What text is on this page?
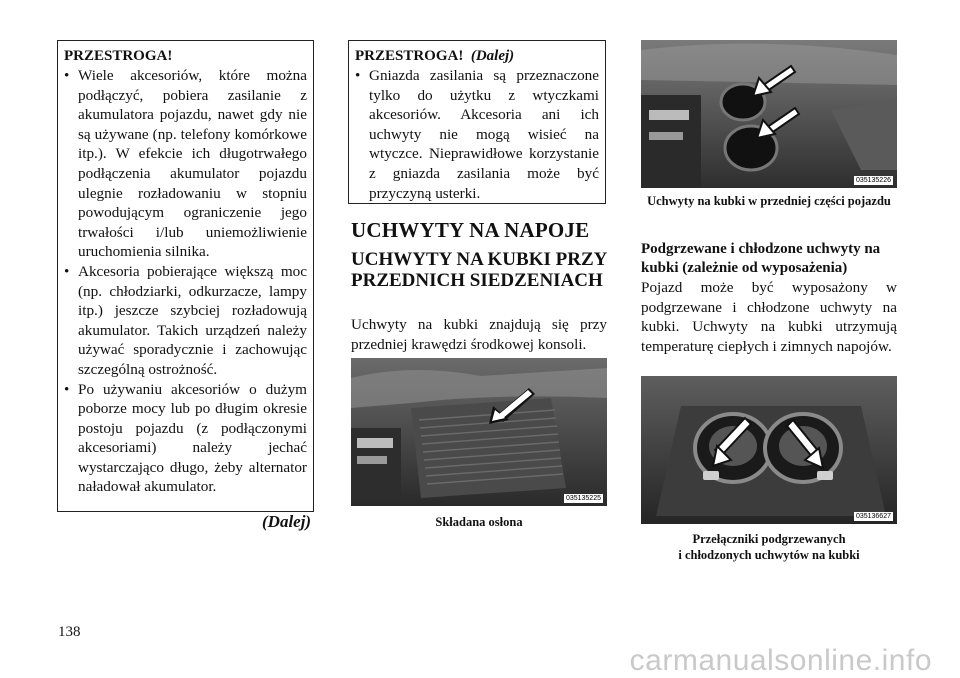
PRZESTROGA!
• Wiele akcesoriów, które można podłączyć, pobiera zasilanie z akumulatora pojazdu, nawet gdy nie są używane (np. telefony komórkowe itp.). W efekcie ich długotrwałego podłączenia akumulator pojazdu ulegnie rozładowaniu w stopniu powodującym ograniczenie jego trwałości i/lub uniemożliwienie uruchomienia silnika.
• Akcesoria pobierające większą moc (np. chłodziarki, odkurzacze, lampy itp.) jeszcze szybciej rozładowują akumulator. Takich urządzeń należy używać sporadycznie i zachowując szczególną ostrożność.
• Po używaniu akcesoriów o dużym poborze mocy lub po długim okresie postoju pojazdu (z podłączonymi akcesoriami) należy jechać wystarczająco długo, żeby alternator naładował akumulator.
(Dalej)
PRZESTROGA! (Dalej)
• Gniazda zasilania są przeznaczone tylko do użytku z wtyczkami akcesoriów. Akcesoria ani ich uchwyty nie mogą wisieć na wtyczce. Nieprawidłowe korzystanie z gniazda zasilania może być przyczyną usterki.
UCHWYTY NA NAPOJE
UCHWYTY NA KUBKI PRZY PRZEDNICH SIEDZENIACH
Uchwyty na kubki znajdują się przy przedniej krawędzi środkowej konsoli.
035135225
Składana osłona
035135226
Uchwyty na kubki w przedniej części pojazdu
Podgrzewane i chłodzone uchwyty na kubki (zależnie od wyposażenia)
Pojazd może być wyposażony w podgrzewane i chłodzone uchwyty na kubki. Uchwyty na kubki utrzymują temperaturę ciepłych i zimnych napojów.
035136627
Przełączniki podgrzewanych
i chłodzonych uchwytów na kubki
138
carmanualsonline.info
